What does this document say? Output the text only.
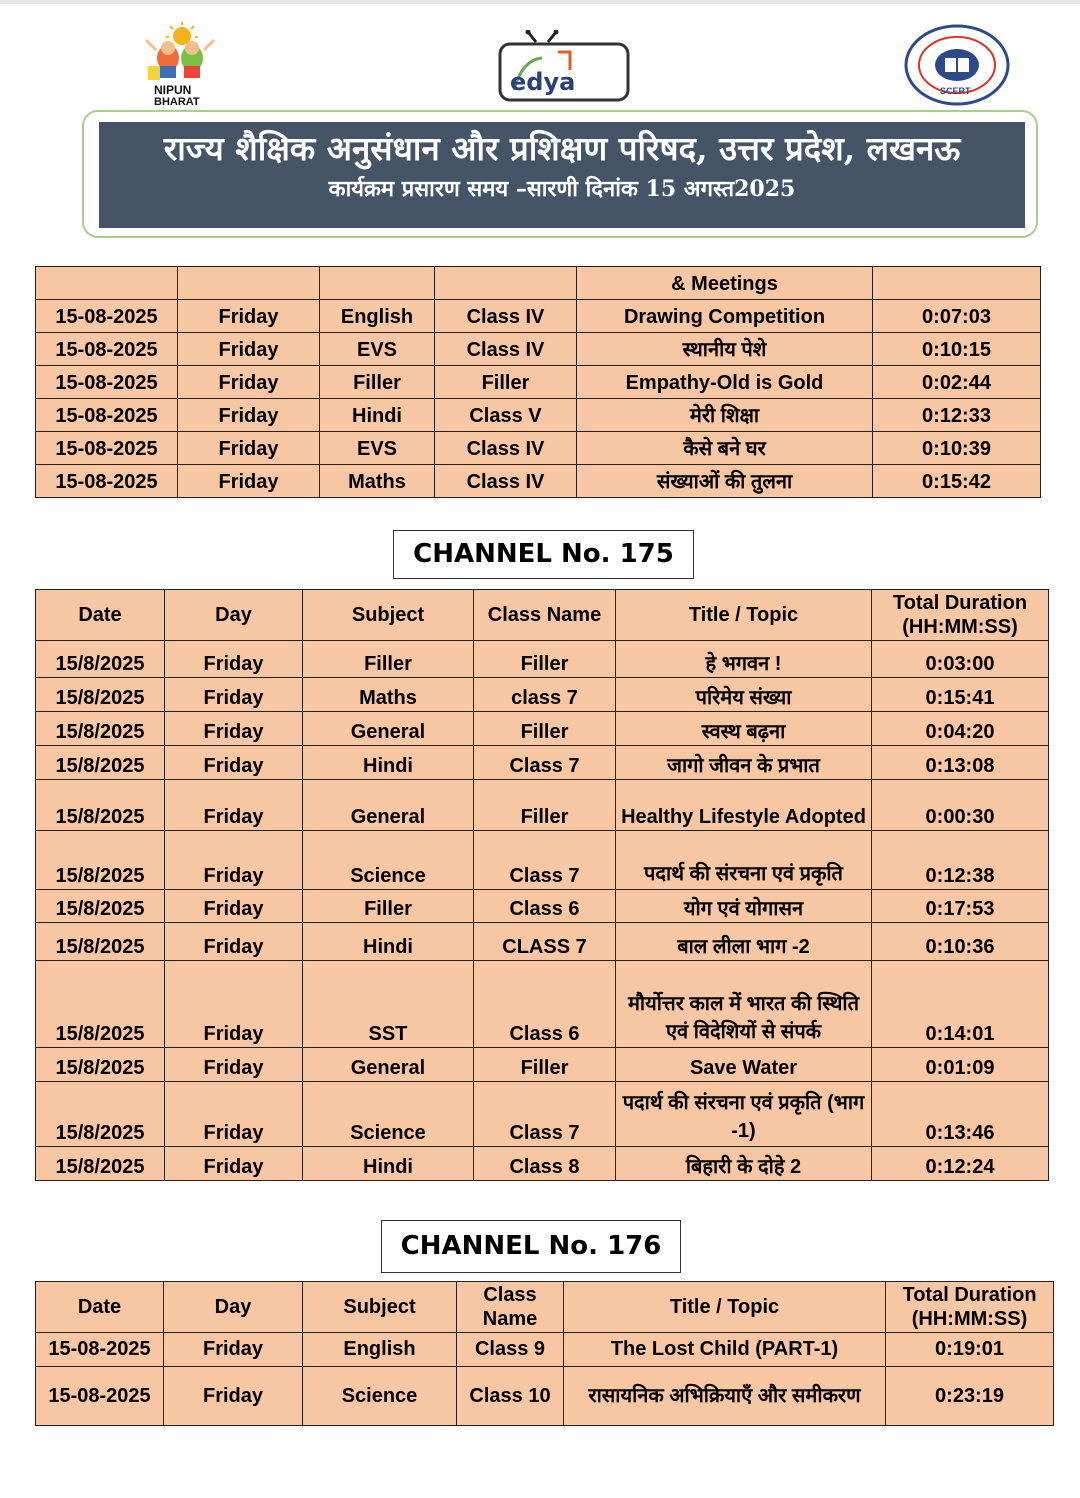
NIPUN
BHARAT
edya	SCERT
राज्य शैक्षिक अनुसंधान और प्रशिक्षण परिषद, उत्तर प्रदेश, लखनऊ
कार्यक्रम प्रसारण समय –सारणी दिनांक 15 अगस्त2025
				& Meetings	
15-08-2025	Friday	English	Class IV	Drawing Competition	0:07:03
15-08-2025	Friday	EVS	Class IV	स्थानीय पेशे	0:10:15
15-08-2025	Friday	Filler	Filler	Empathy-Old is Gold	0:02:44
15-08-2025	Friday	Hindi	Class V	मेरी शिक्षा	0:12:33
15-08-2025	Friday	EVS	Class IV	कैसे बने घर	0:10:39
15-08-2025	Friday	Maths	Class IV	संख्याओं की तुलना	0:15:42
CHANNEL No. 175
Date	Day	Subject	Class Name	Title / Topic	Total Duration (HH:MM:SS)
15/8/2025	Friday	Filler	Filler	हे भगवन !	0:03:00
15/8/2025	Friday	Maths	class 7	परिमेय संख्या	0:15:41
15/8/2025	Friday	General	Filler	स्वस्थ बढ़ना	0:04:20
15/8/2025	Friday	Hindi	Class 7	जागो जीवन के प्रभात	0:13:08
15/8/2025	Friday	General	Filler	Healthy Lifestyle Adopted	0:00:30
15/8/2025	Friday	Science	Class 7	पदार्थ की संरचना एवं प्रकृति	0:12:38
15/8/2025	Friday	Filler	Class 6	योग एवं योगासन	0:17:53
15/8/2025	Friday	Hindi	CLASS 7	बाल लीला भाग -2	0:10:36
15/8/2025	Friday	SST	Class 6	मौर्योत्तर काल में भारत की स्थिति एवं विदेशियों से संपर्क	0:14:01
15/8/2025	Friday	General	Filler	Save Water	0:01:09
15/8/2025	Friday	Science	Class 7	पदार्थ की संरचना एवं प्रकृति (भाग -1)	0:13:46
15/8/2025	Friday	Hindi	Class 8	बिहारी के दोहे 2	0:12:24
CHANNEL No. 176
Date	Day	Subject	Class Name	Title / Topic	Total Duration (HH:MM:SS)
15-08-2025	Friday	English	Class 9	The Lost Child (PART-1)	0:19:01
15-08-2025	Friday	Science	Class 10	रासायनिक अभिक्रियाएँ और समीकरण	0:23:19
